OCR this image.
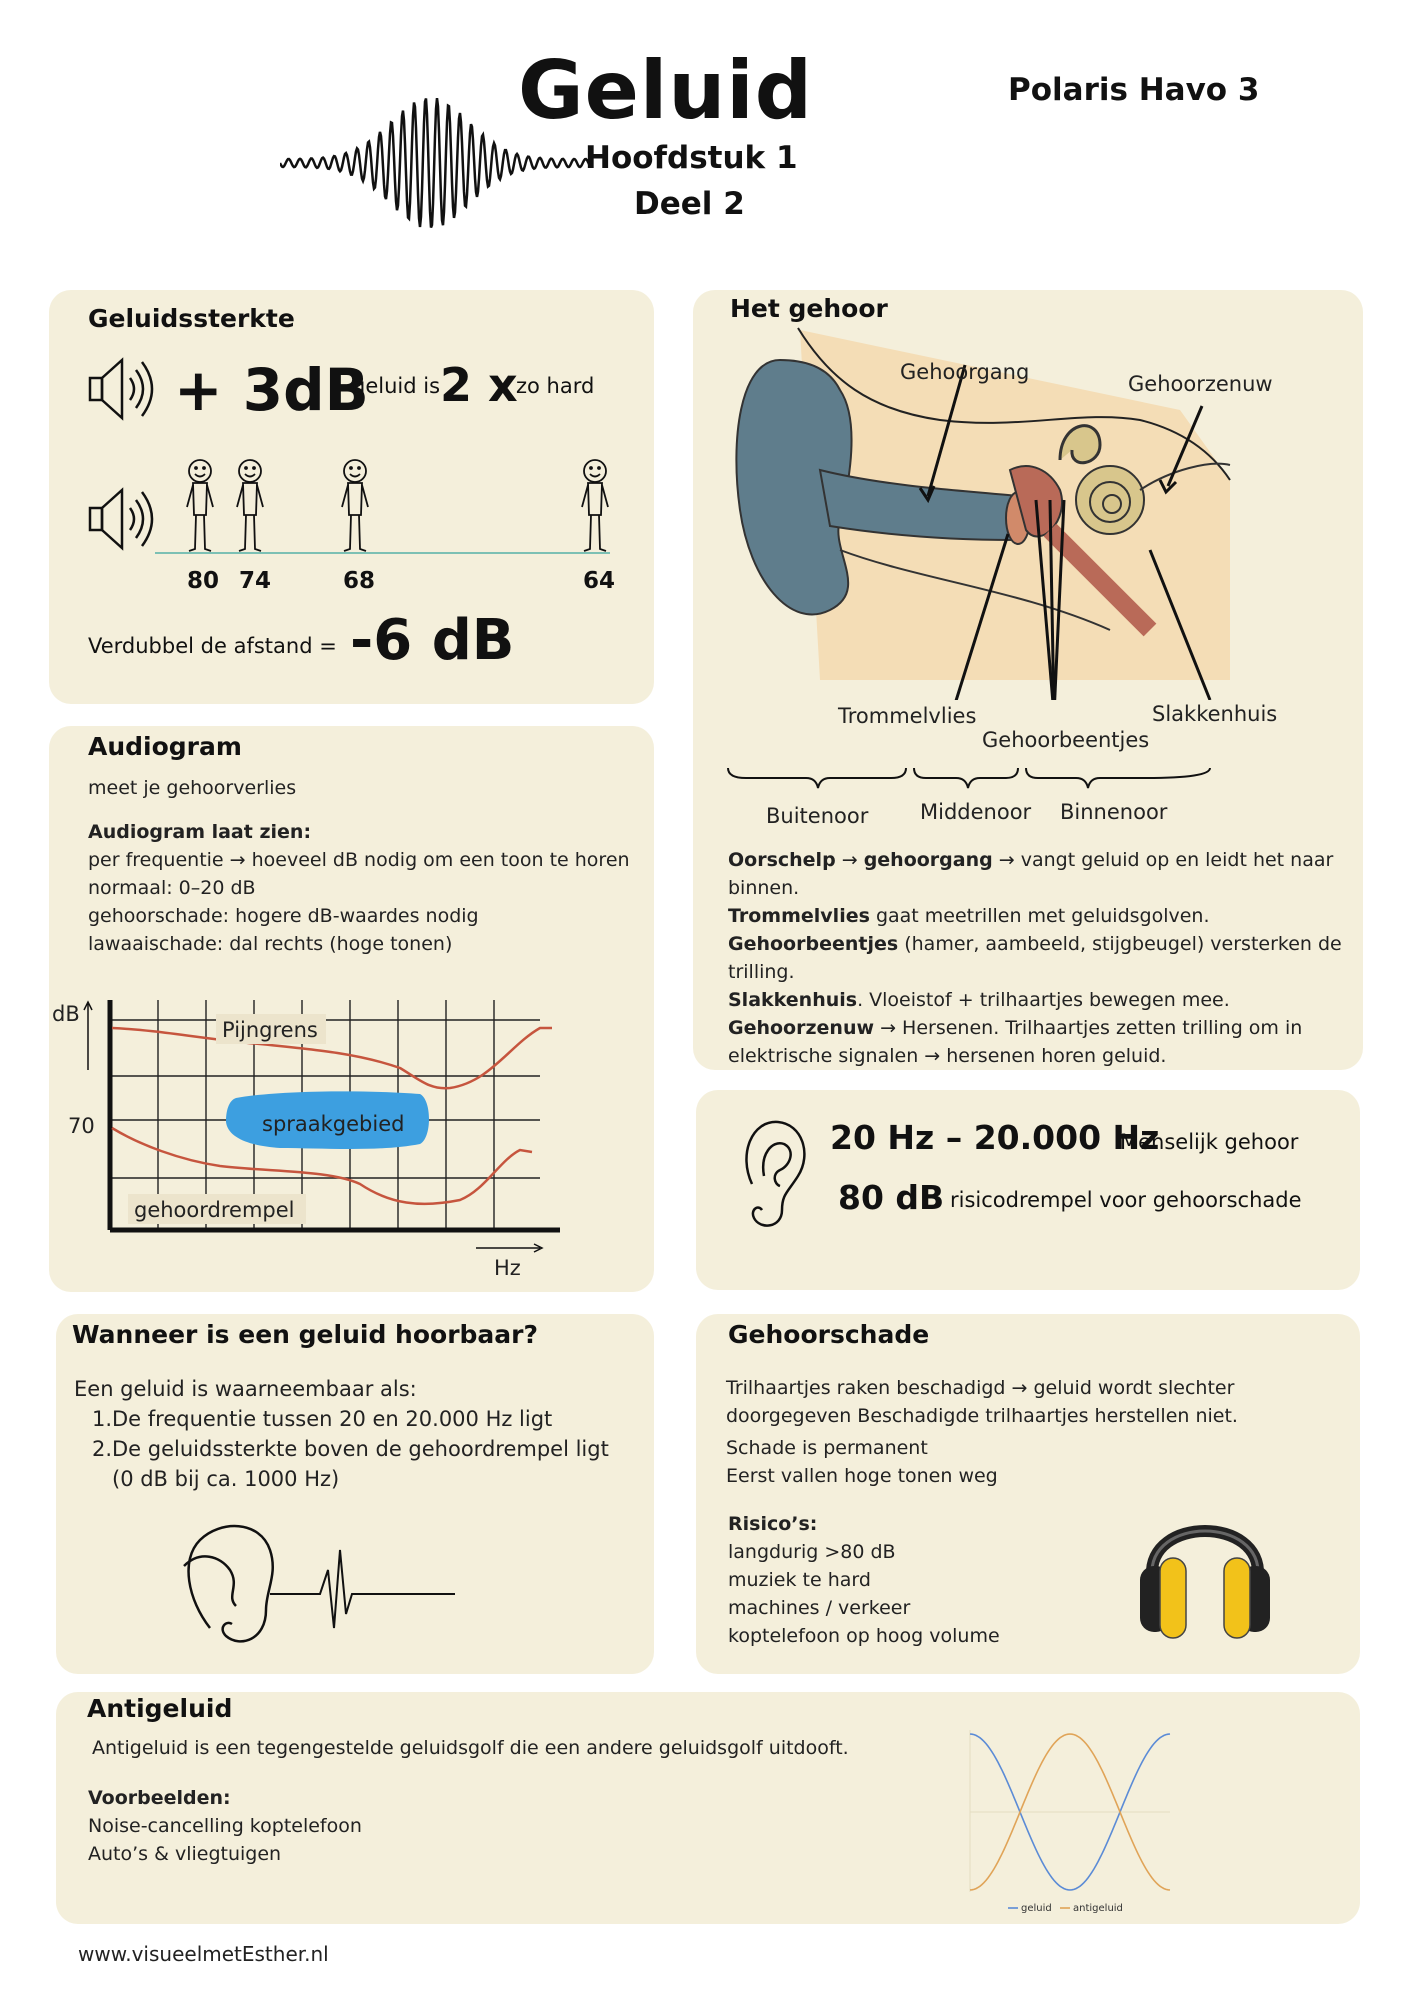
Geluid
Hoofdstuk 1
Deel 2
Polaris Havo 3
Geluidssterkte
+ 3dB
geluid is 2 x
zo hard
80 74	68	64
Verdubbel de afstand = -6 dB
Audiogram
meet je gehoorverlies
Audiogram laat zien:
per frequentie → hoeveel dB nodig om een toon te horen
normaal: 0–20 dB
gehoorschade: hogere dB-waardes nodig
lawaaischade: dal rechts (hoge tonen)
dB
70
Hz
Pijngrens
spraakgebied
gehoordrempel
Het gehoor
Gehoorgang	Gehoorzenuw
Trommelvlies	Slakkenhuis
Gehoorbeentjes
Buitenoor Middenoor Binnenoor
Oorschelp → gehoorgang → vangt geluid op en leidt het naar
binnen.
Trommelvlies gaat meetrillen met geluidsgolven.
Gehoorbeentjes (hamer, aambeeld, stijgbeugel) versterken de
trilling.
Slakkenhuis. Vloeistof + trilhaartjes bewegen mee.
Gehoorzenuw → Hersenen. Trilhaartjes zetten trilling om in
elektrische signalen → hersenen horen geluid.
20 Hz – 20.000 Hz
Menselijk gehoor
80 dB risicodrempel voor gehoorschade
Wanneer is een geluid hoorbaar?
Een geluid is waarneembaar als:
1. De frequentie tussen 20 en 20.000 Hz ligt
2. De geluidssterkte boven de gehoordrempel ligt
(0 dB bij ca. 1000 Hz)
Gehoorschade
Trilhaartjes raken beschadigd → geluid wordt slechter
doorgegeven Beschadigde trilhaartjes herstellen niet.
Schade is permanent
Eerst vallen hoge tonen weg
Risico’s:
langdurig >80 dB
muziek te hard
machines / verkeer
koptelefoon op hoog volume
Antigeluid
Antigeluid is een tegengestelde geluidsgolf die een andere geluidsgolf uitdooft.
Voorbeelden:
Noise-cancelling koptelefoon
Auto’s & vliegtuigen
geluid antigeluid
www.visueelmetEsther.nl
